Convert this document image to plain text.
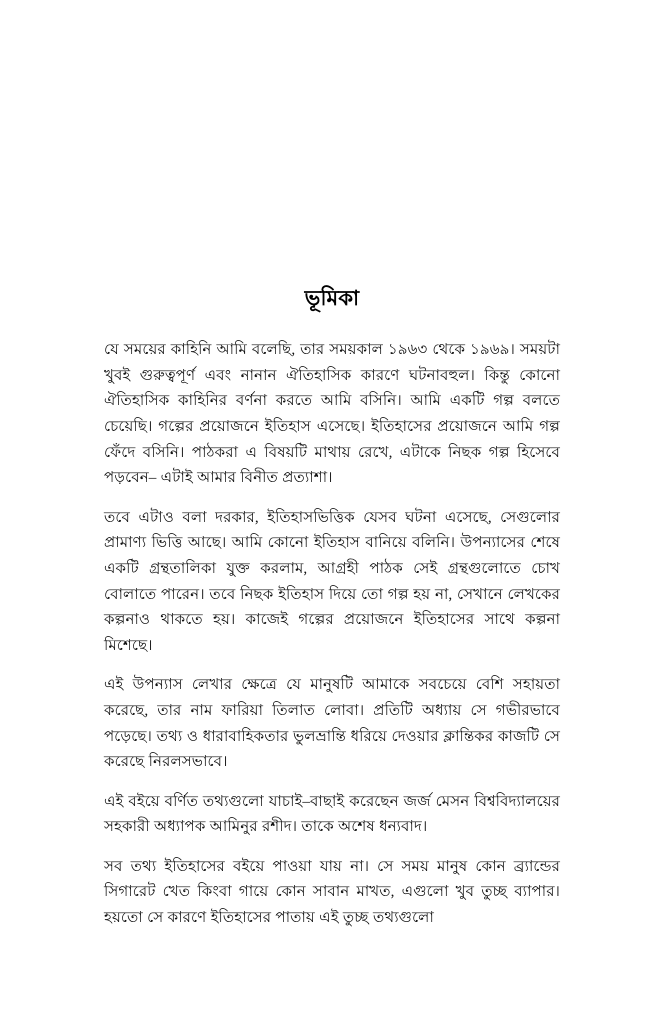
ভূমিকা

যে সময়ের কাহিনি আমি বলেছি, তার সময়কাল ১৯৬৩ থেকে ১৯৬৯। সময়টা খুবই গুরুত্বপূর্ণ এবং নানান ঐতিহাসিক কারণে ঘটনাবহুল। কিন্তু কোনো ঐতিহাসিক কাহিনির বর্ণনা করতে আমি বসিনি। আমি একটি গল্প বলতে চেয়েছি। গল্পের প্রয়োজনে ইতিহাস এসেছে। ইতিহাসের প্রয়োজনে আমি গল্প ফেঁদে বসিনি। পাঠকরা এ বিষয়টি মাথায় রেখে, এটাকে নিছক গল্প হিসেবে পড়বেন– এটাই আমার বিনীত প্রত্যাশা।

তবে এটাও বলা দরকার, ইতিহাসভিত্তিক যেসব ঘটনা এসেছে, সেগুলোর প্রামাণ্য ভিত্তি আছে। আমি কোনো ইতিহাস বানিয়ে বলিনি। উপন্যাসের শেষে একটি গ্রন্থতালিকা যুক্ত করলাম, আগ্রহী পাঠক সেই গ্রন্থগুলোতে চোখ বোলাতে পারেন। তবে নিছক ইতিহাস দিয়ে তো গল্প হয় না, সেখানে লেখকের কল্পনাও থাকতে হয়। কাজেই গল্পের প্রয়োজনে ইতিহাসের সাথে কল্পনা মিশেছে।

এই উপন্যাস লেখার ক্ষেত্রে যে মানুষটি আমাকে সবচেয়ে বেশি সহায়তা করেছে, তার নাম ফারিয়া তিলাত লোবা। প্রতিটি অধ্যায় সে গভীরভাবে পড়েছে। তথ্য ও ধারাবাহিকতার ভুলভ্রান্তি ধরিয়ে দেওয়ার ক্লান্তিকর কাজটি সে করেছে নিরলসভাবে।

এই বইয়ে বর্ণিত তথ্যগুলো যাচাই–বাছাই করেছেন জর্জ মেসন বিশ্ববিদ্যালয়ের সহকারী অধ্যাপক আমিনুর রশীদ। তাকে অশেষ ধন্যবাদ।

সব তথ্য ইতিহাসের বইয়ে পাওয়া যায় না। সে সময় মানুষ কোন ব্র্যান্ডের সিগারেট খেত কিংবা গায়ে কোন সাবান মাখত, এগুলো খুব তুচ্ছ ব্যাপার। হয়তো সে কারণে ইতিহাসের পাতায় এই তুচ্ছ তথ্যগুলো
